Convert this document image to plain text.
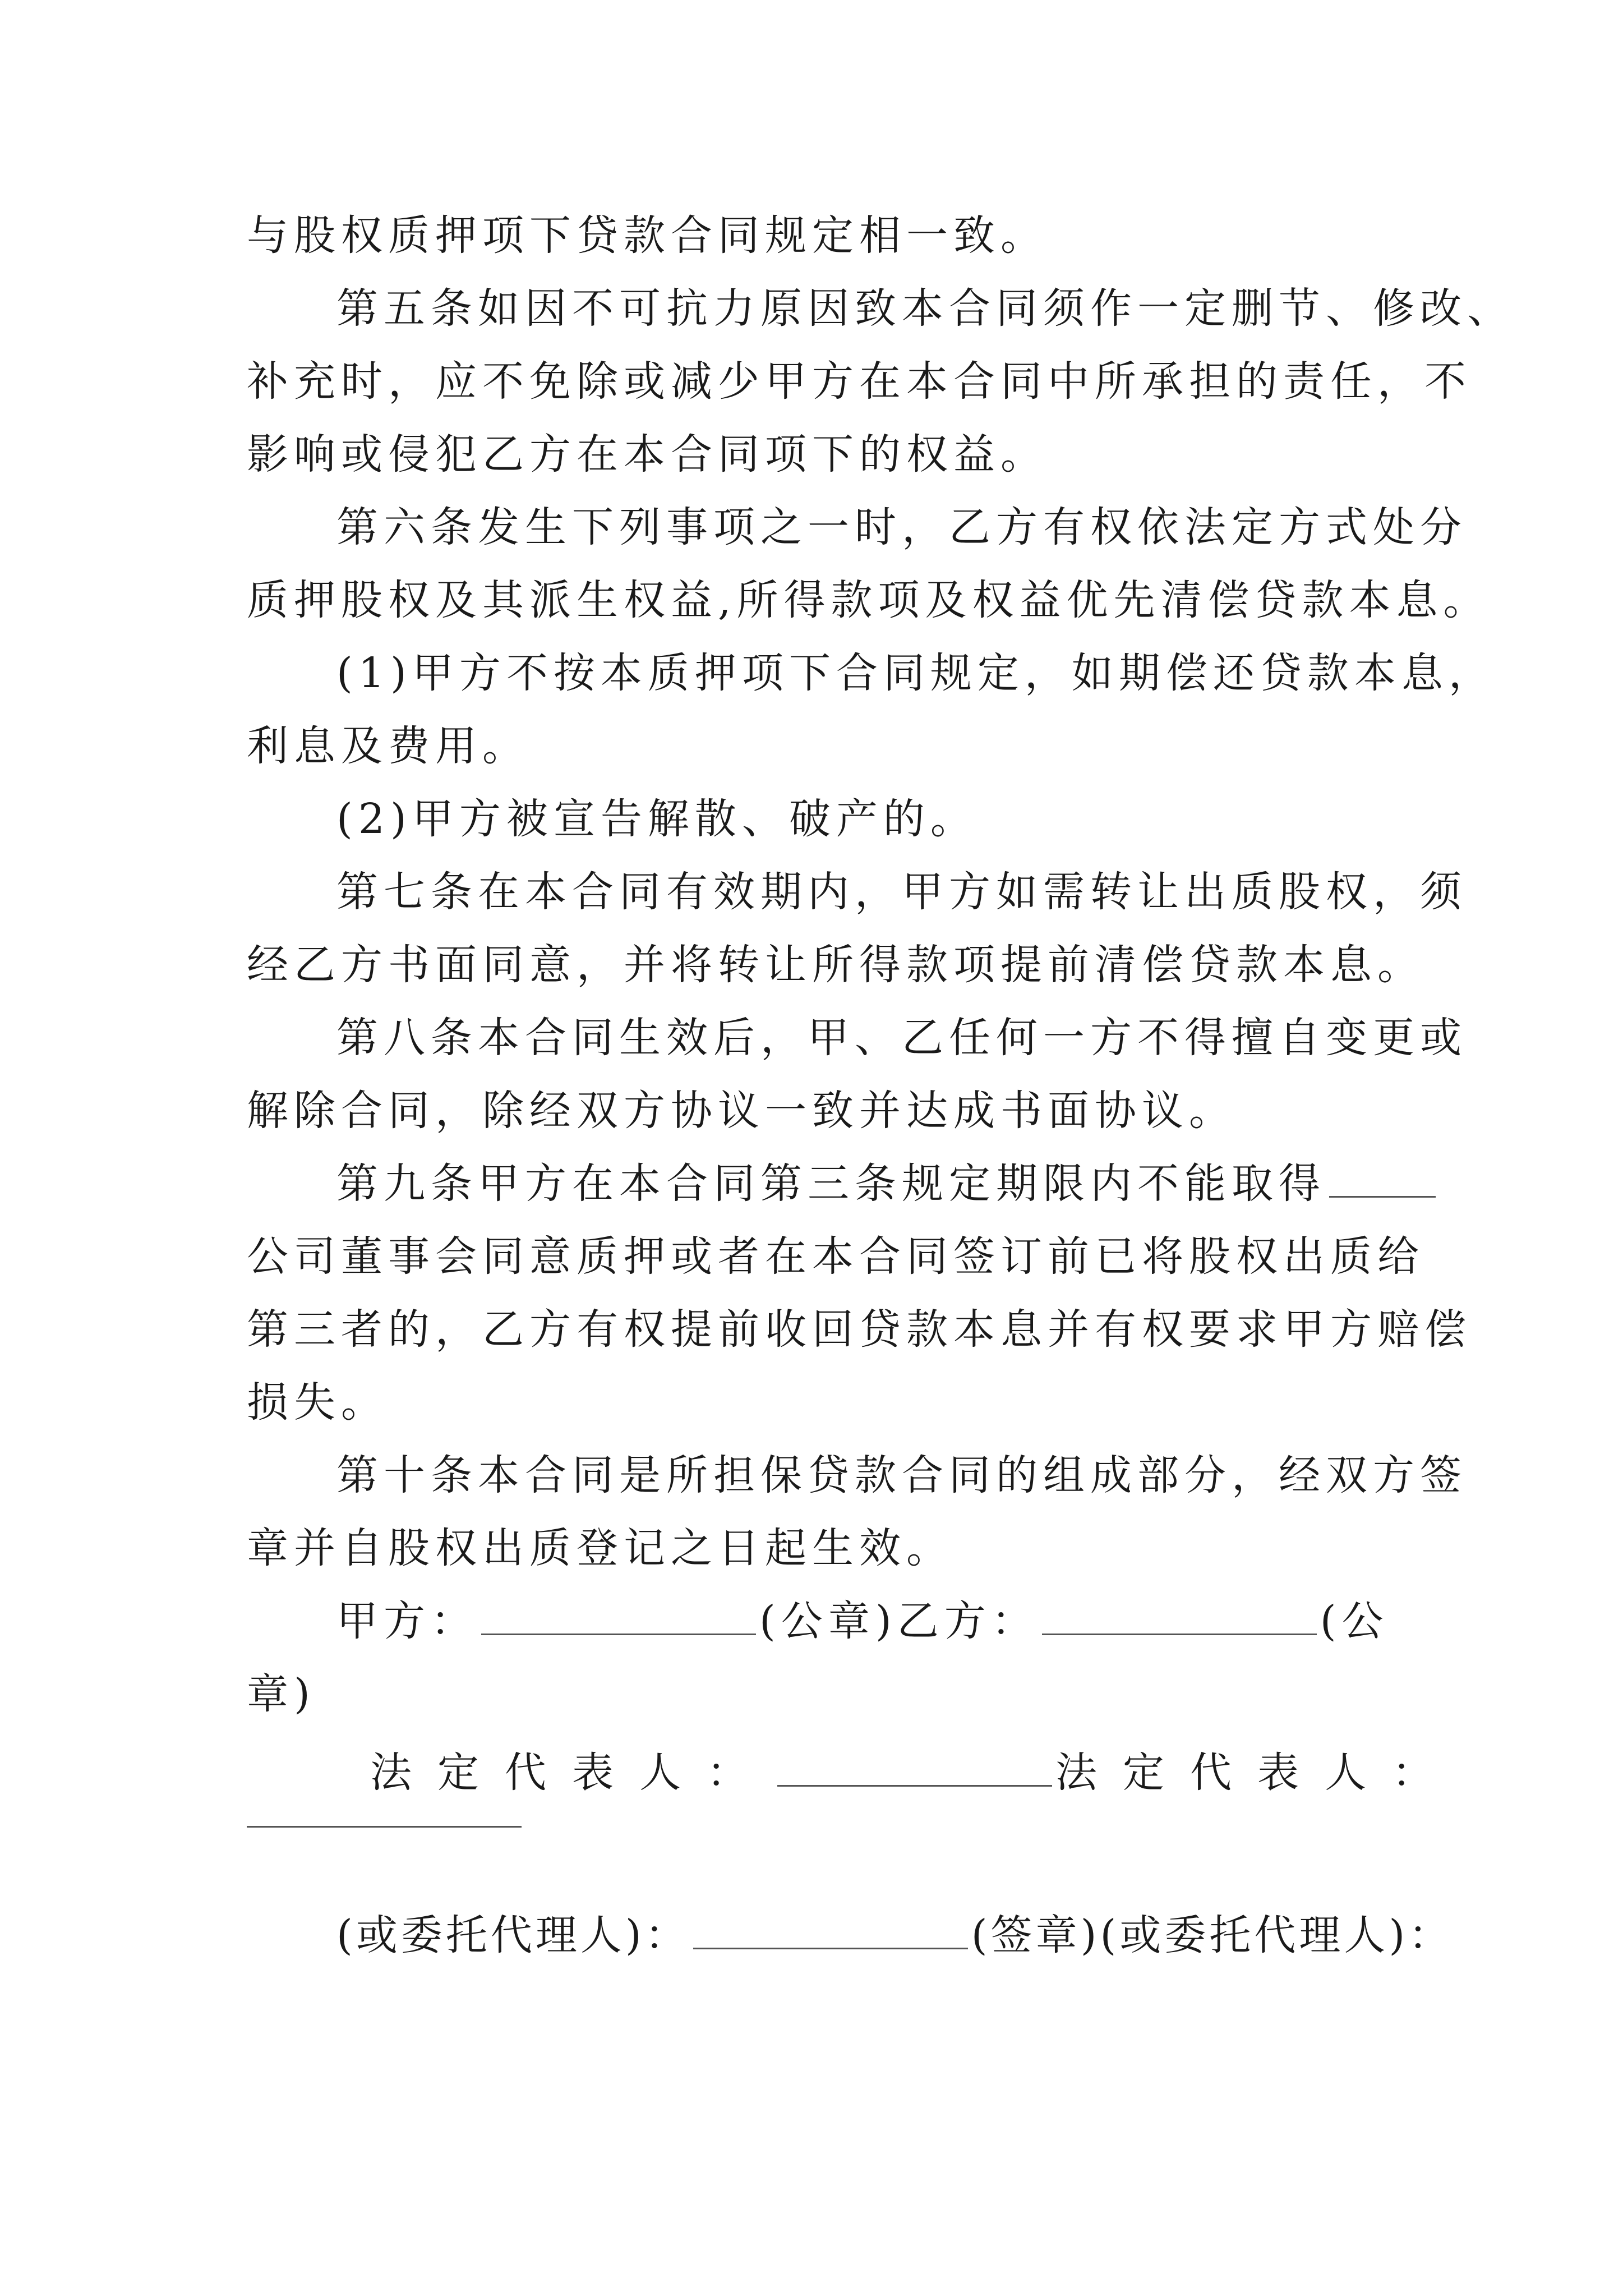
与股权质押项下贷款合同规定相一致。
第五条如因不可抗力原因致本合同须作一定删节、修改、
补充时，应不免除或减少甲方在本合同中所承担的责任，不
影响或侵犯乙方在本合同项下的权益。
第六条发生下列事项之一时，乙方有权依法定方式处分
质押股权及其派生权益,所得款项及权益优先清偿贷款本息。
(1)甲方不按本质押项下合同规定，如期偿还贷款本息，
利息及费用。
(2)甲方被宣告解散、破产的。
第七条在本合同有效期内，甲方如需转让出质股权，须
经乙方书面同意，并将转让所得款项提前清偿贷款本息。
第八条本合同生效后，甲、乙任何一方不得擅自变更或
解除合同，除经双方协议一致并达成书面协议。
第九条甲方在本合同第三条规定期限内不能取得
公司董事会同意质押或者在本合同签订前已将股权出质给
第三者的，乙方有权提前收回贷款本息并有权要求甲方赔偿
损失。
第十条本合同是所担保贷款合同的组成部分，经双方签
章并自股权出质登记之日起生效。
甲方：	(公章)乙方：	(公
章)
法定代表人：	法定代表人：
(或委托代理人)：	(签章)(或委托代理人)：
